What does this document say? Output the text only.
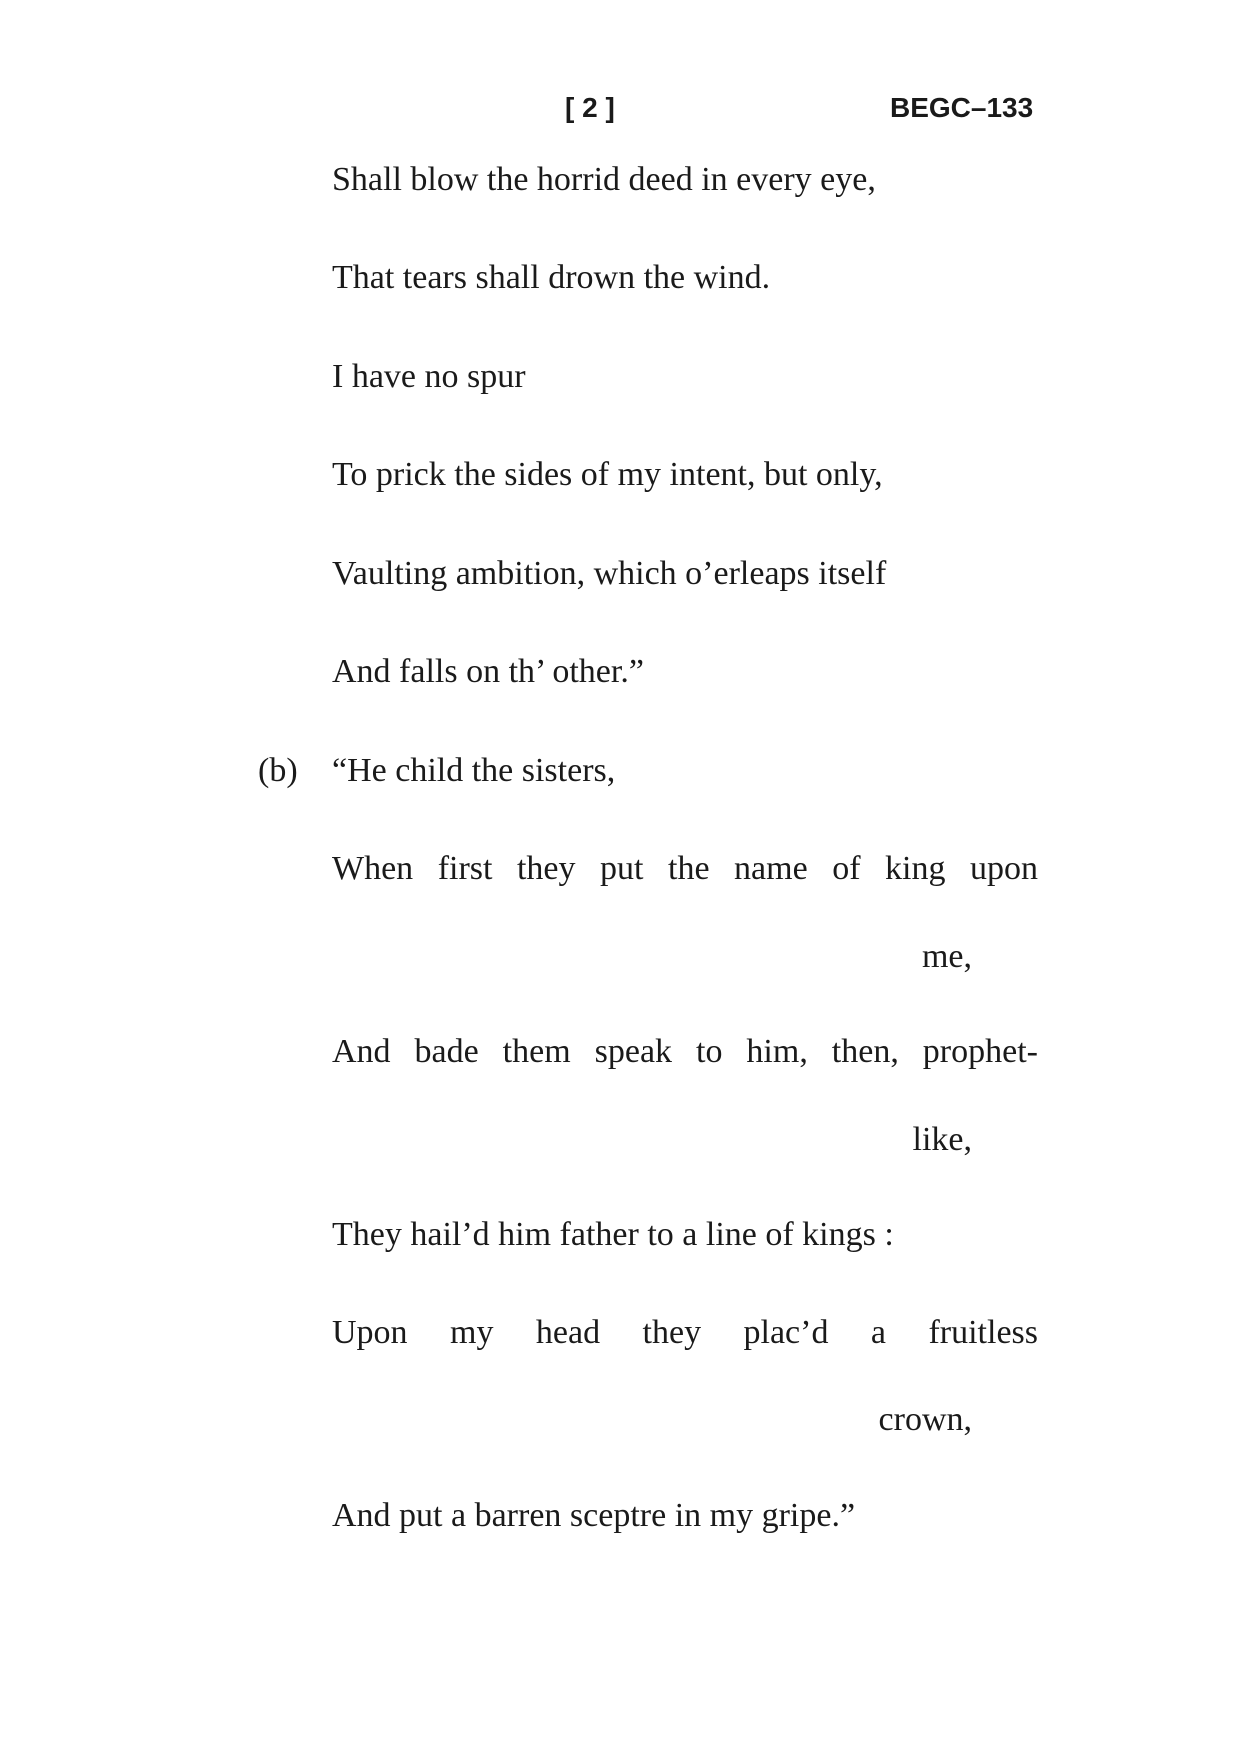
[ 2 ]	BEGC–133
Shall blow the horrid deed in every eye,
That tears shall drown the wind.
I have no spur
To prick the sides of my intent, but only,
Vaulting ambition, which o’erleaps itself
And falls on th’ other.”
(b) “He child the sisters,
When first they put the name of king upon
me,
And bade them speak to him, then, prophet-
like,
They hail’d him father to a line of kings :
Upon my head they plac’d a fruitless
crown,
And put a barren sceptre in my gripe.”
